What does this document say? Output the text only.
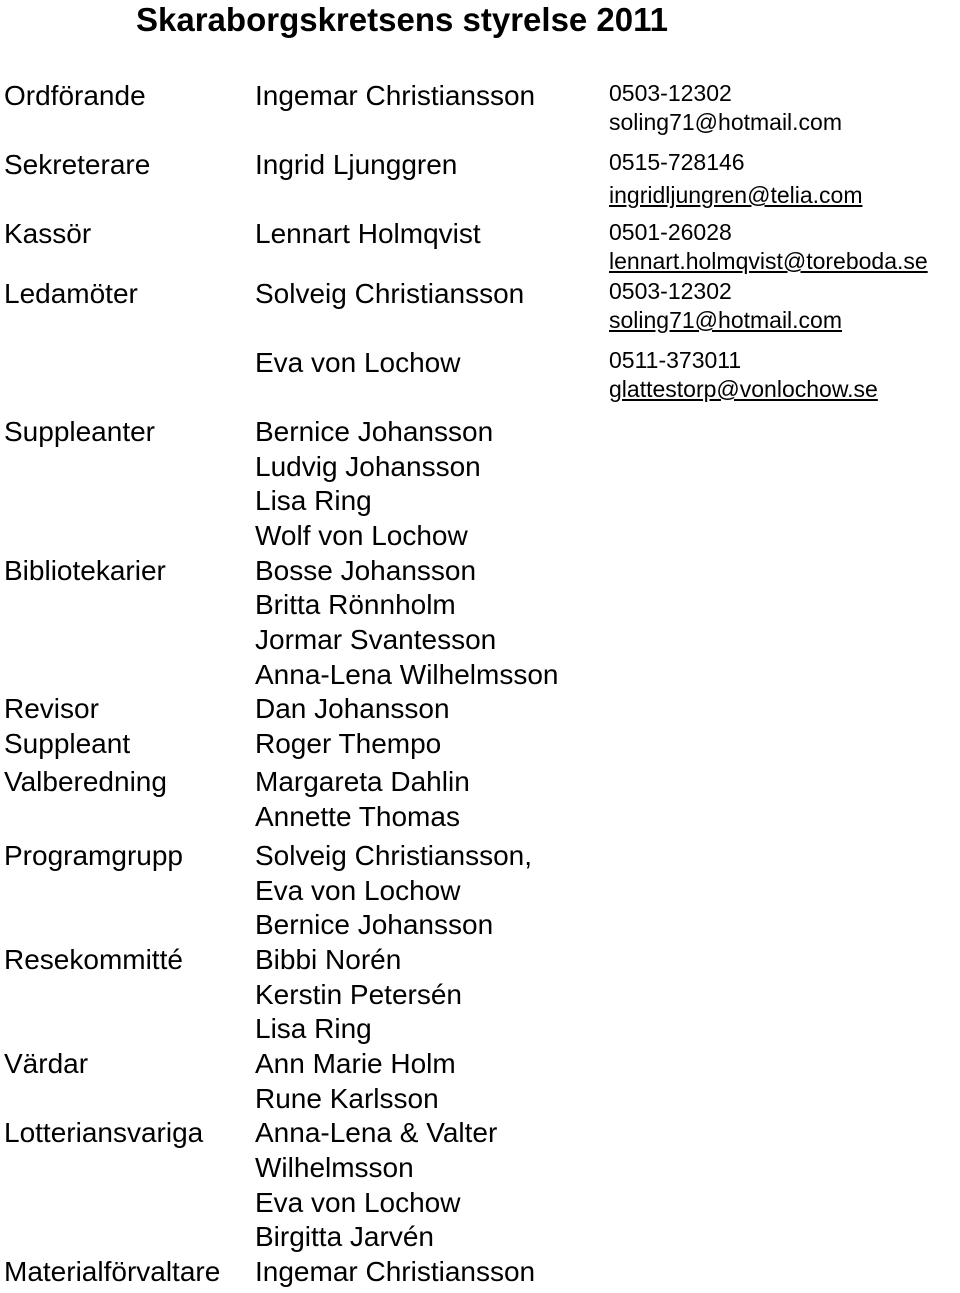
Skaraborgskretsens styrelse 2011
Ordförande	Ingemar Christiansson	0503-12302
soling71@hotmail.com
Sekreterare	Ingrid Ljunggren	0515-728146
ingridljungren@telia.com
Kassör	Lennart Holmqvist	0501-26028
lennart.holmqvist@toreboda.se
Ledamöter	Solveig Christiansson	0503-12302
soling71@hotmail.com
Eva von Lochow	0511-373011
glattestorp@vonlochow.se
Suppleanter	Bernice Johansson
Ludvig Johansson
Lisa Ring
Wolf von Lochow
Bibliotekarier	Bosse Johansson
Britta Rönnholm
Jormar Svantesson
Anna-Lena Wilhelmsson
Revisor	Dan Johansson
Suppleant	Roger Thempo
Valberedning	Margareta Dahlin
Annette Thomas
Programgrupp	Solveig Christiansson,
Eva von Lochow
Bernice Johansson
Resekommitté	Bibbi Norén
Kerstin Petersén
Lisa Ring
Värdar	Ann Marie Holm
Rune Karlsson
Lotteriansvariga Anna-Lena & Valter
Wilhelmsson
Eva von Lochow
Birgitta Jarvén
Materialförvaltare Ingemar Christiansson
